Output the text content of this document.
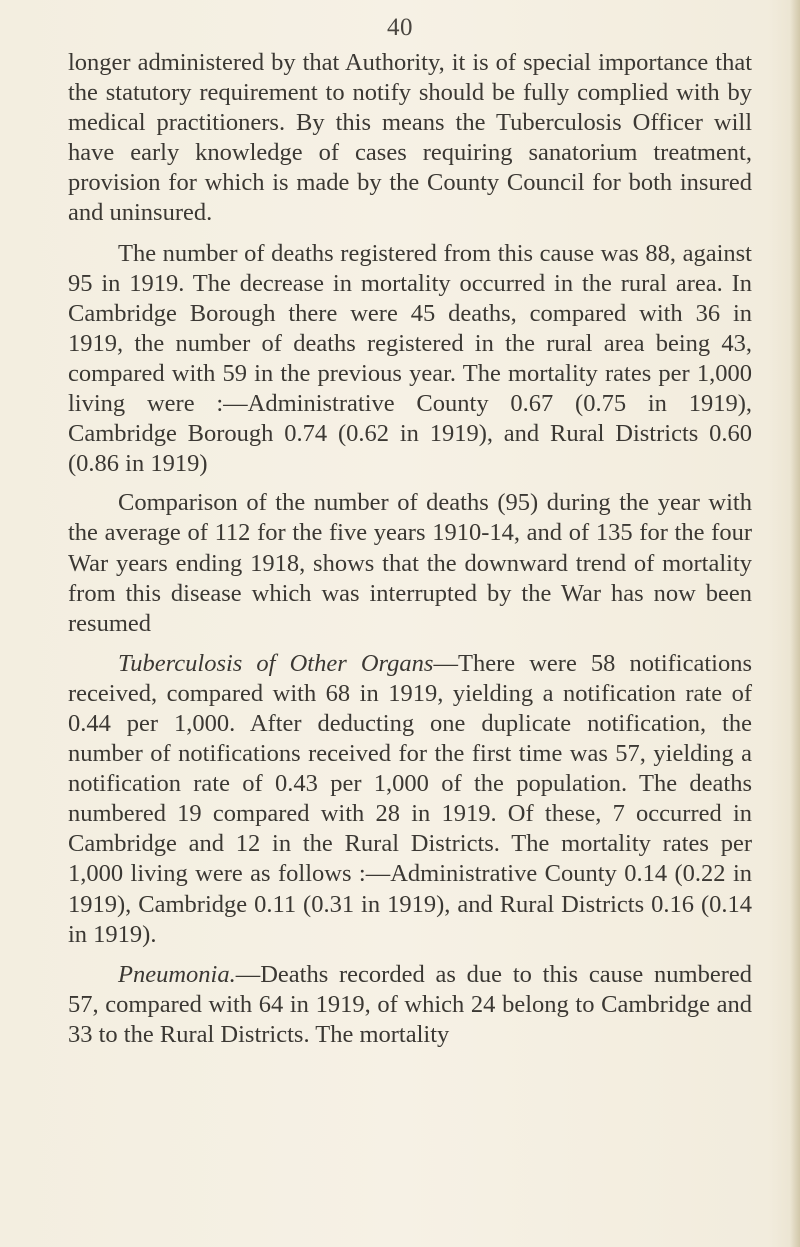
40

longer administered by that Authority, it is of special importance that the statutory requirement to notify should be fully complied with by medical practitioners. By this means the Tuberculosis Officer will have early knowledge of cases requiring sanatorium treatment, provision for which is made by the County Council for both insured and uninsured.

The number of deaths registered from this cause was 88, against 95 in 1919. The decrease in mortality occurred in the rural area. In Cambridge Borough there were 45 deaths, compared with 36 in 1919, the number of deaths registered in the rural area being 43, compared with 59 in the previous year. The mortality rates per 1,000 living were :—Administrative County 0.67 (0.75 in 1919), Cambridge Borough 0.74 (0.62 in 1919), and Rural Districts 0.60 (0.86 in 1919)

Comparison of the number of deaths (95) during the year with the average of 112 for the five years 1910-14, and of 135 for the four War years ending 1918, shows that the downward trend of mortality from this disease which was interrupted by the War has now been resumed

Tuberculosis of Other Organs—There were 58 notifications received, compared with 68 in 1919, yielding a notification rate of 0.44 per 1,000. After deducting one duplicate notification, the number of notifications received for the first time was 57, yielding a notification rate of 0.43 per 1,000 of the population. The deaths numbered 19 compared with 28 in 1919. Of these, 7 occurred in Cambridge and 12 in the Rural Districts. The mortality rates per 1,000 living were as follows :—Administrative County 0.14 (0.22 in 1919), Cambridge 0.11 (0.31 in 1919), and Rural Districts 0.16 (0.14 in 1919).

Pneumonia.—Deaths recorded as due to this cause numbered 57, compared with 64 in 1919, of which 24 belong to Cambridge and 33 to the Rural Districts. The mortality
